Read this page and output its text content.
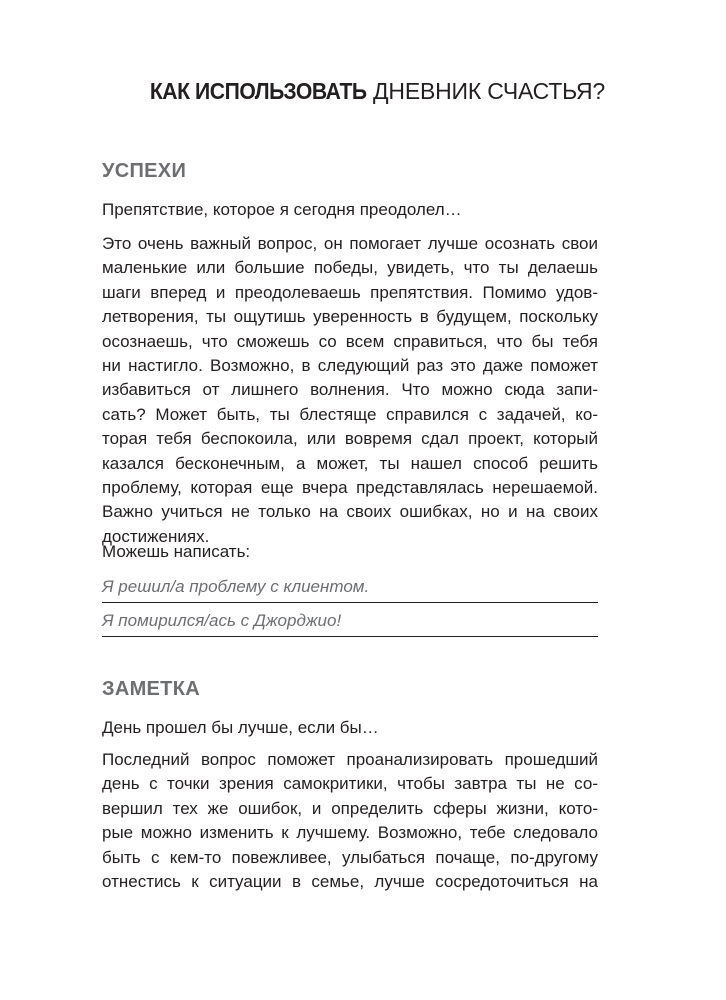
КАК ИСПОЛЬЗОВАТЬ ДНЕВНИК СЧАСТЬЯ?
УСПЕХИ
Препятствие, которое я сегодня преодолел…
Это очень важный вопрос, он помогает лучше осознать свои
маленькие или большие победы, увидеть, что ты делаешь
шаги вперед и преодолеваешь препятствия. Помимо удов-
летворения, ты ощутишь уверенность в будущем, поскольку
осознаешь, что сможешь со всем справиться, что бы тебя
ни настигло. Возможно, в следующий раз это даже поможет
избавиться от лишнего волнения. Что можно сюда запи-
сать? Может быть, ты блестяще справился с задачей, ко-
торая тебя беспокоила, или вовремя сдал проект, который
казался бесконечным, а может, ты нашел способ решить
проблему, которая еще вчера представлялась нерешаемой.
Важно учиться не только на своих ошибках, но и на своих
достижениях.
Можешь написать:
Я решил/а проблему с клиентом.
Я помирился/ась с Джорджио!
ЗАМЕТКА
День прошел бы лучше, если бы…
Последний вопрос поможет проанализировать прошедший
день с точки зрения самокритики, чтобы завтра ты не со-
вершил тех же ошибок, и определить сферы жизни, кото-
рые можно изменить к лучшему. Возможно, тебе следовало
быть с кем-то повежливее, улыбаться почаще, по-другому
отнестись к ситуации в семье, лучше сосредоточиться на
